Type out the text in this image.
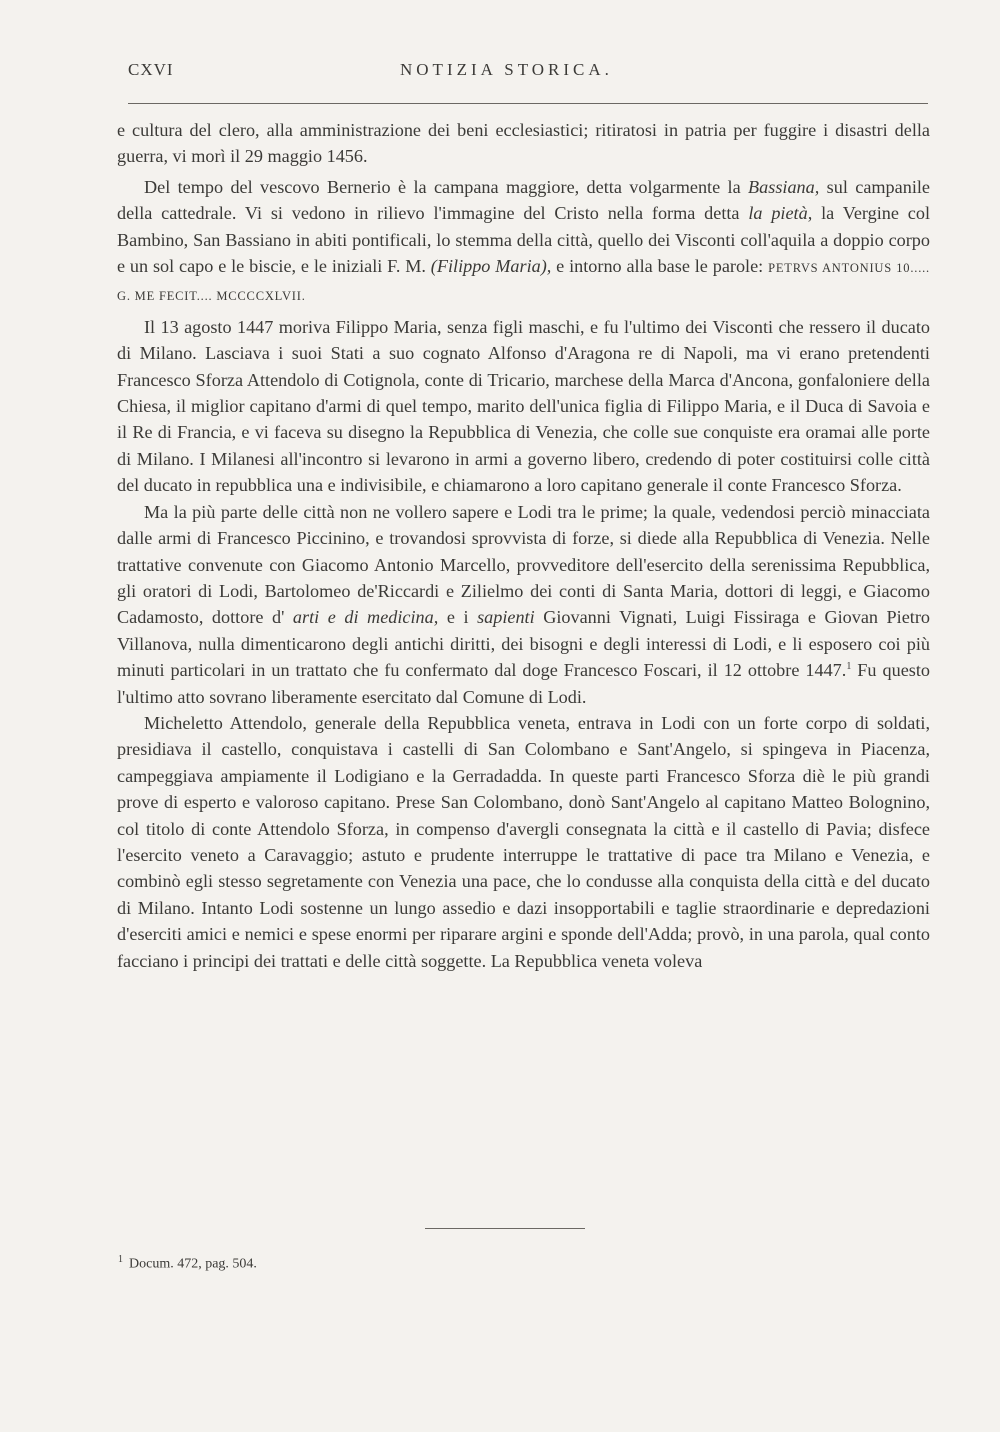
CXVI	NOTIZIA STORICA.

e cultura del clero, alla amministrazione dei beni ecclesiastici; ritiratosi in patria per fuggire i disastri della guerra, vi morì il 29 maggio 1456.

Del tempo del vescovo Bernerio è la campana maggiore, detta volgarmente la Bassiana, sul campanile della cattedrale. Vi si vedono in rilievo l'immagine del Cristo nella forma detta la pietà, la Vergine col Bambino, San Bassiano in abiti pontificali, lo stemma della città, quello dei Visconti coll'aquila a doppio corpo e un sol capo e le biscie, e le iniziali F. M. (Filippo Maria), e intorno alla base le parole: PETRVS ANTONIUS 10..... G. ME FECIT.... MCCCCXLVII.

Il 13 agosto 1447 moriva Filippo Maria, senza figli maschi, e fu l'ultimo dei Visconti che ressero il ducato di Milano. Lasciava i suoi Stati a suo cognato Alfonso d'Aragona re di Napoli, ma vi erano pretendenti Francesco Sforza Attendolo di Cotignola, conte di Tricario, marchese della Marca d'Ancona, gonfaloniere della Chiesa, il miglior capitano d'armi di quel tempo, marito dell'unica figlia di Filippo Maria, e il Duca di Savoia e il Re di Francia, e vi faceva su disegno la Repubblica di Venezia, che colle sue conquiste era oramai alle porte di Milano. I Milanesi all'incontro si levarono in armi a governo libero, credendo di poter costituirsi colle città del ducato in repubblica una e indivisibile, e chiamarono a loro capitano generale il conte Francesco Sforza.

Ma la più parte delle città non ne vollero sapere e Lodi tra le prime; la quale, vedendosi perciò minacciata dalle armi di Francesco Piccinino, e trovandosi sprovvista di forze, si diede alla Repubblica di Venezia. Nelle trattative convenute con Giacomo Antonio Marcello, provveditore dell'esercito della serenissima Repubblica, gli oratori di Lodi, Bartolomeo de'Riccardi e Zilielmo dei conti di Santa Maria, dottori di leggi, e Giacomo Cadamosto, dottore d' arti e di medicina, e i sapienti Giovanni Vignati, Luigi Fissiraga e Giovan Pietro Villanova, nulla dimenticarono degli antichi diritti, dei bisogni e degli interessi di Lodi, e li esposero coi più minuti particolari in un trattato che fu confermato dal doge Francesco Foscari, il 12 ottobre 1447.$^1$ Fu questo l'ultimo atto sovrano liberamente esercitato dal Comune di Lodi.

Micheletto Attendolo, generale della Repubblica veneta, entrava in Lodi con un forte corpo di soldati, presidiava il castello, conquistava i castelli di San Colombano e Sant'Angelo, si spingeva in Piacenza, campeggiava ampiamente il Lodigiano e la Gerradadda. In queste parti Francesco Sforza diè le più grandi prove di esperto e valoroso capitano. Prese San Colombano, donò Sant'Angelo al capitano Matteo Bolognino, col titolo di conte Attendolo Sforza, in compenso d'avergli consegnata la città e il castello di Pavia; disfece l'esercito veneto a Caravaggio; astuto e prudente interruppe le trattative di pace tra Milano e Venezia, e combinò egli stesso segretamente con Venezia una pace, che lo condusse alla conquista della città e del ducato di Milano. Intanto Lodi sostenne un lungo assedio e dazi insopportabili e taglie straordinarie e depredazioni d'eserciti amici e nemici e spese enormi per riparare argini e sponde dell'Adda; provò, in una parola, qual conto facciano i principi dei trattati e delle città soggette. La Repubblica veneta voleva

$^1$ Docum. 472, pag. 504.
